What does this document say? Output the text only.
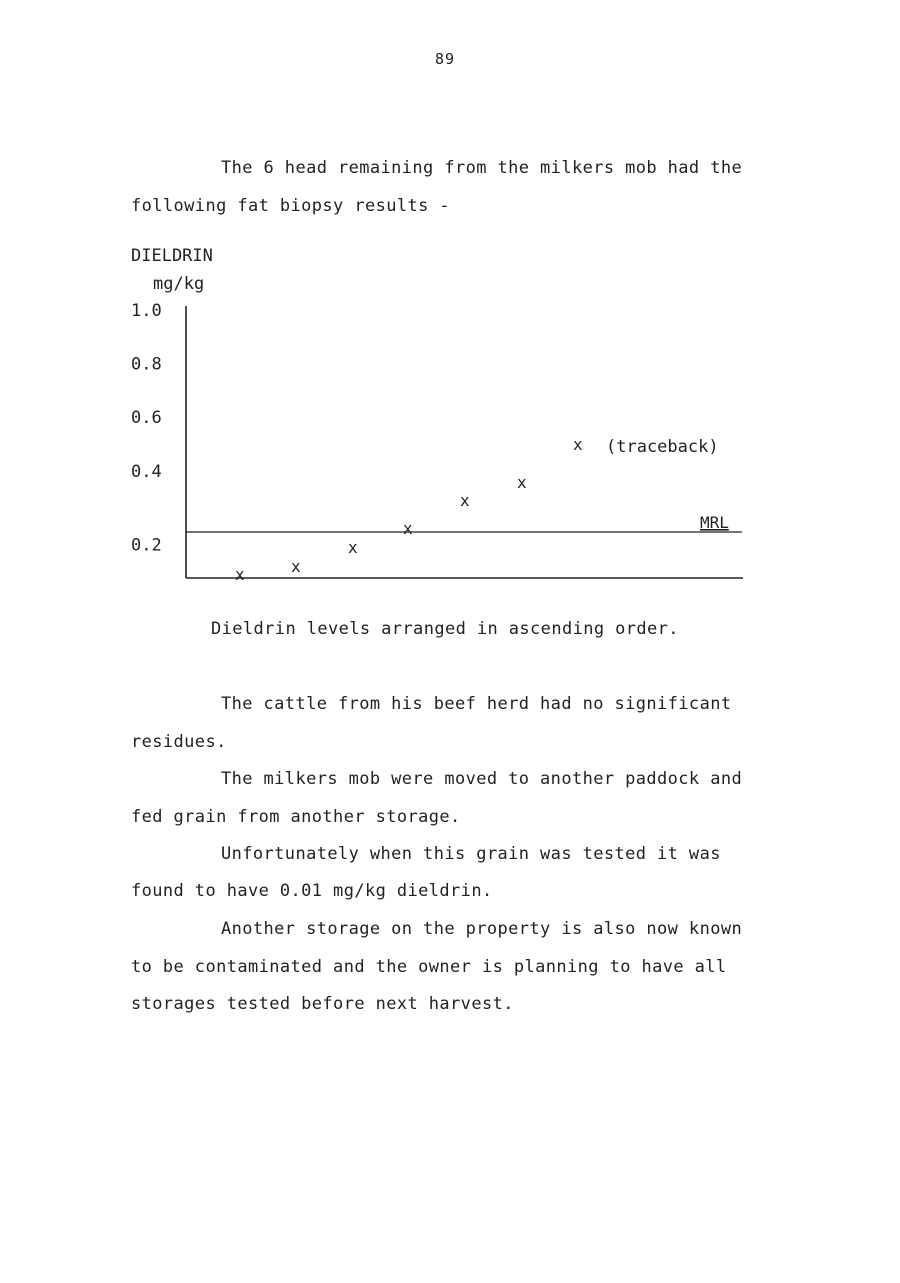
89
The 6 head remaining from the milkers mob had the
following fat biopsy results -
DIELDRIN
mg/kg
1.0
0.8
0.6
0.4
0.2
MRL
x	x
x
x
x
x
x (traceback)
Dieldrin levels arranged in ascending order.
The cattle from his beef herd had no significant
residues.
The milkers mob were moved to another paddock and
fed grain from another storage.
Unfortunately when this grain was tested it was
found to have 0.01 mg/kg dieldrin.
Another storage on the property is also now known
to be contaminated and the owner is planning to have all
storages tested before next harvest.
